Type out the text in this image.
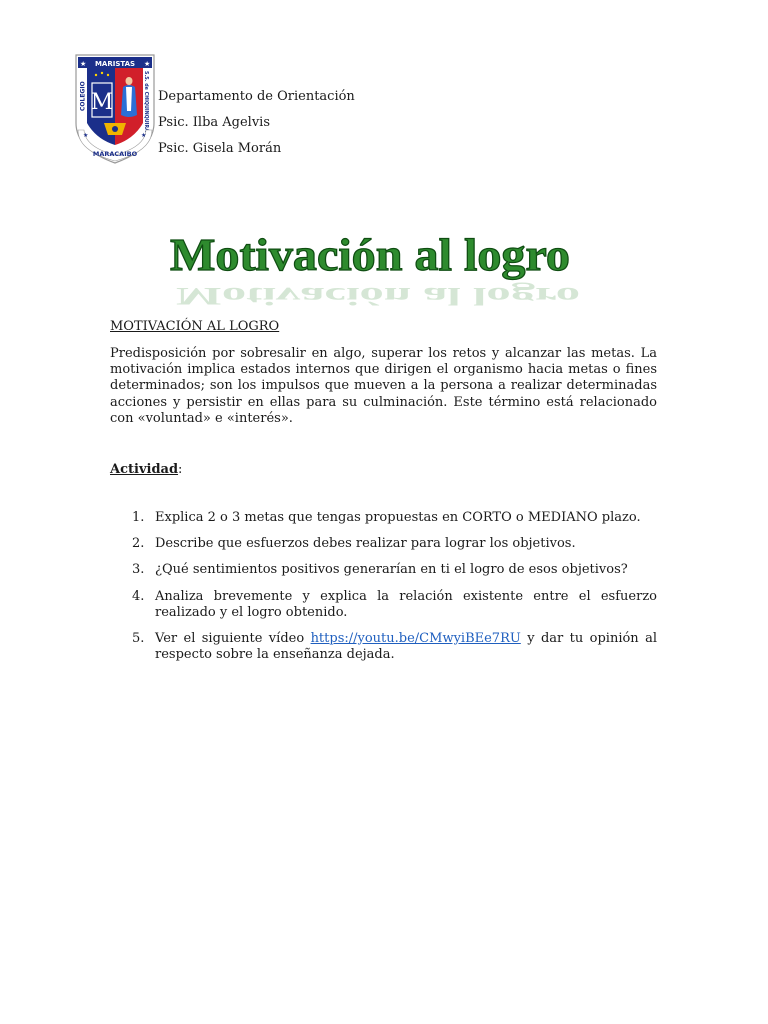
MARISTAS
★	★
COLEGIO	S.S. de CHIQUINQUIRÁ
M
MARACAIBO
★	★
Departamento de Orientación
Psic. Ilba Agelvis
Psic. Gisela Morán
Motivación al logro
Motivación al logro
MOTIVACIÓN AL LOGRO

Predisposición por sobresalir en algo, superar los retos y alcanzar las metas. La motivación implica estados internos que dirigen el organismo hacia metas o fines determinados; son los impulsos que mueven a la persona a realizar determinadas acciones y persistir en ellas para su culminación. Este término está relacionado con «voluntad» e «interés».

Actividad:
1. Explica 2 o 3 metas que tengas propuestas en CORTO o MEDIANO plazo.
2. Describe que esfuerzos debes realizar para lograr los objetivos.
3. ¿Qué sentimientos positivos generarían en ti el logro de esos objetivos?
4. Analiza brevemente y explica la relación existente entre el esfuerzo realizado y el logro obtenido.
5. Ver el siguiente vídeo https://youtu.be/CMwyiBEe7RU y dar tu opinión al respecto sobre la enseñanza dejada.
